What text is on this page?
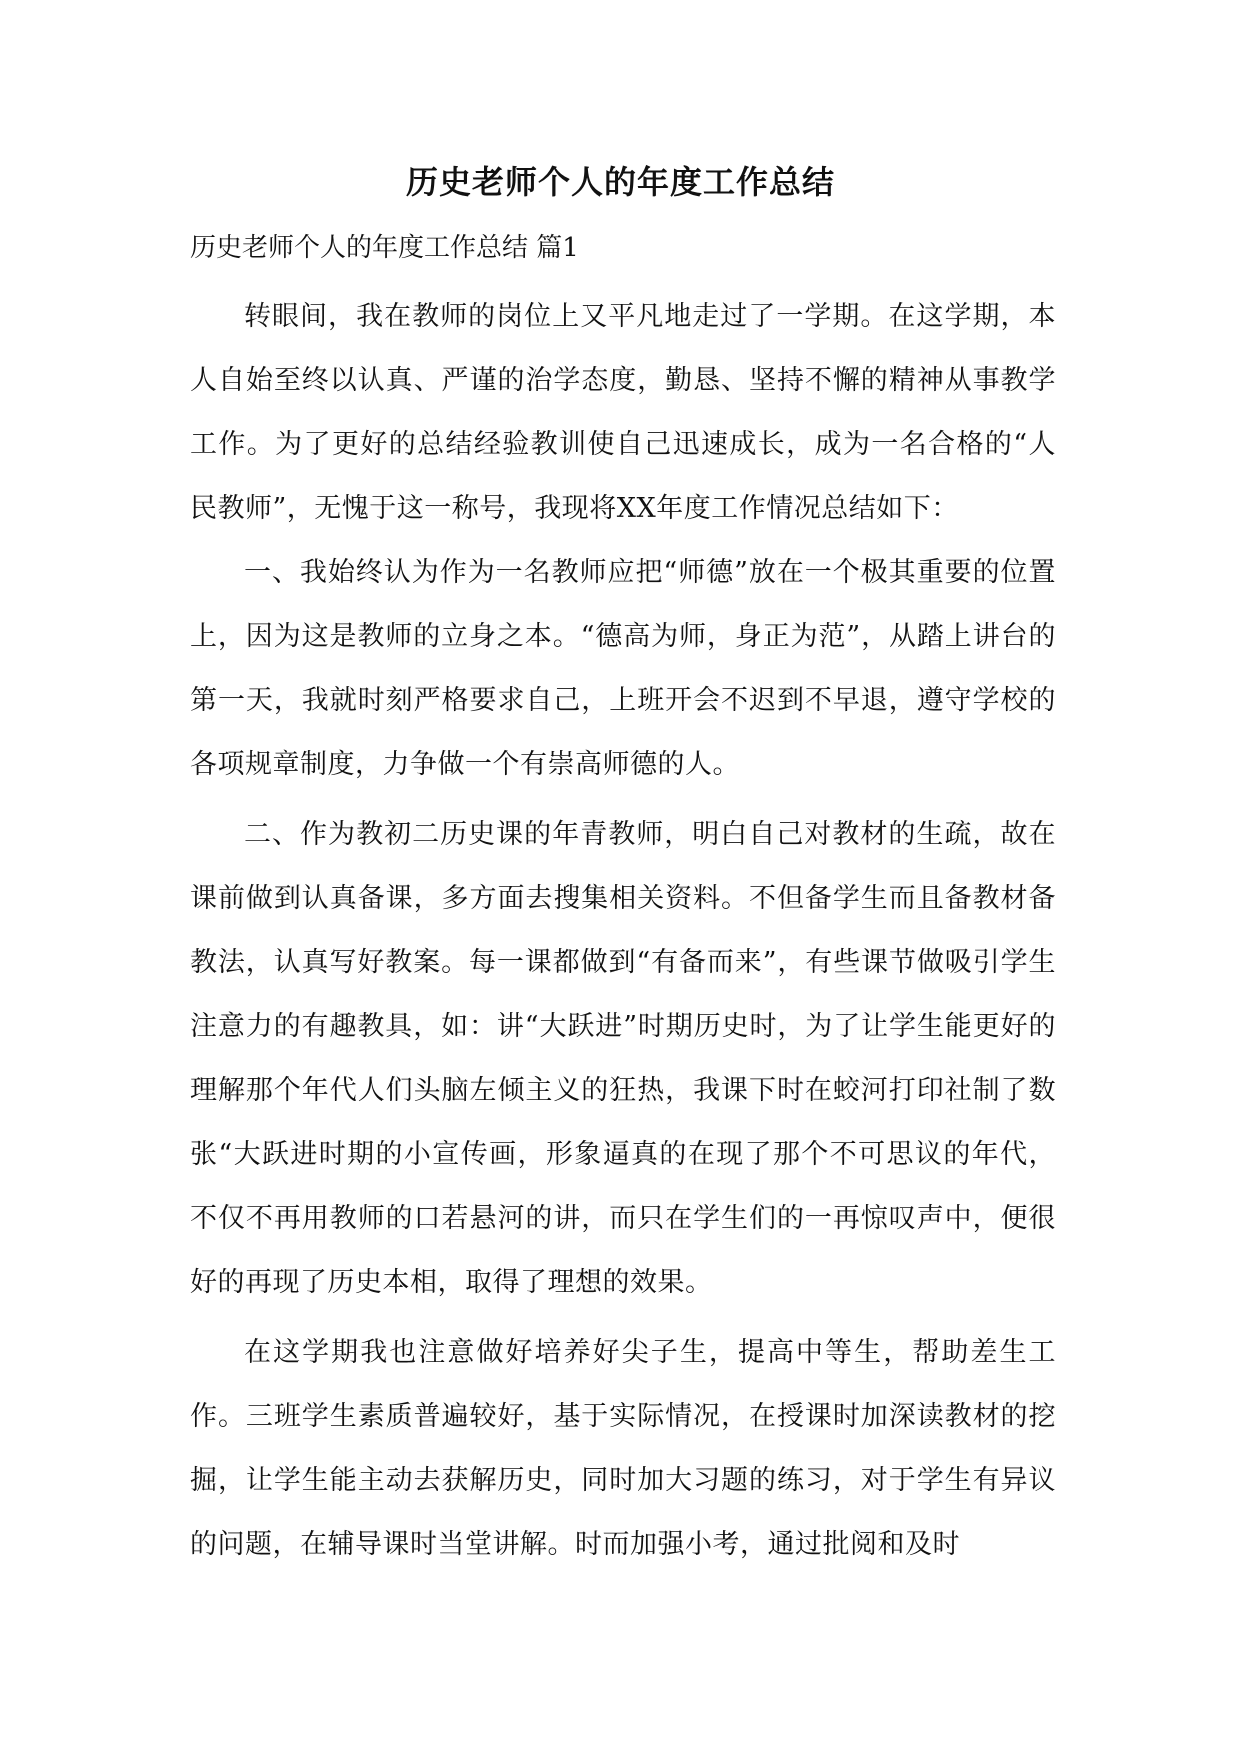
历史老师个人的年度工作总结

历史老师个人的年度工作总结 篇1

转眼间，我在教师的岗位上又平凡地走过了一学期。在这学期，本人自始至终以认真、严谨的治学态度，勤恳、坚持不懈的精神从事教学工作。为了更好的总结经验教训使自己迅速成长，成为一名合格的“人民教师”，无愧于这一称号，我现将XX年度工作情况总结如下：

一、我始终认为作为一名教师应把“师德”放在一个极其重要的位置上，因为这是教师的立身之本。“德高为师，身正为范”，从踏上讲台的第一天，我就时刻严格要求自己，上班开会不迟到不早退，遵守学校的各项规章制度，力争做一个有崇高师德的人。

二、作为教初二历史课的年青教师，明白自己对教材的生疏，故在课前做到认真备课，多方面去搜集相关资料。不但备学生而且备教材备教法，认真写好教案。每一课都做到“有备而来”，有些课节做吸引学生注意力的有趣教具，如：讲“大跃进”时期历史时，为了让学生能更好的理解那个年代人们头脑左倾主义的狂热，我课下时在蛟河打印社制了数张“大跃进时期的小宣传画，形象逼真的在现了那个不可思议的年代，不仅不再用教师的口若悬河的讲，而只在学生们的一再惊叹声中，便很好的再现了历史本相，取得了理想的效果。

在这学期我也注意做好培养好尖子生，提高中等生，帮助差生工作。三班学生素质普遍较好，基于实际情况，在授课时加深读教材的挖掘，让学生能主动去获解历史，同时加大习题的练习，对于学生有异议的问题，在辅导课时当堂讲解。时而加强小考，通过批阅和及时
